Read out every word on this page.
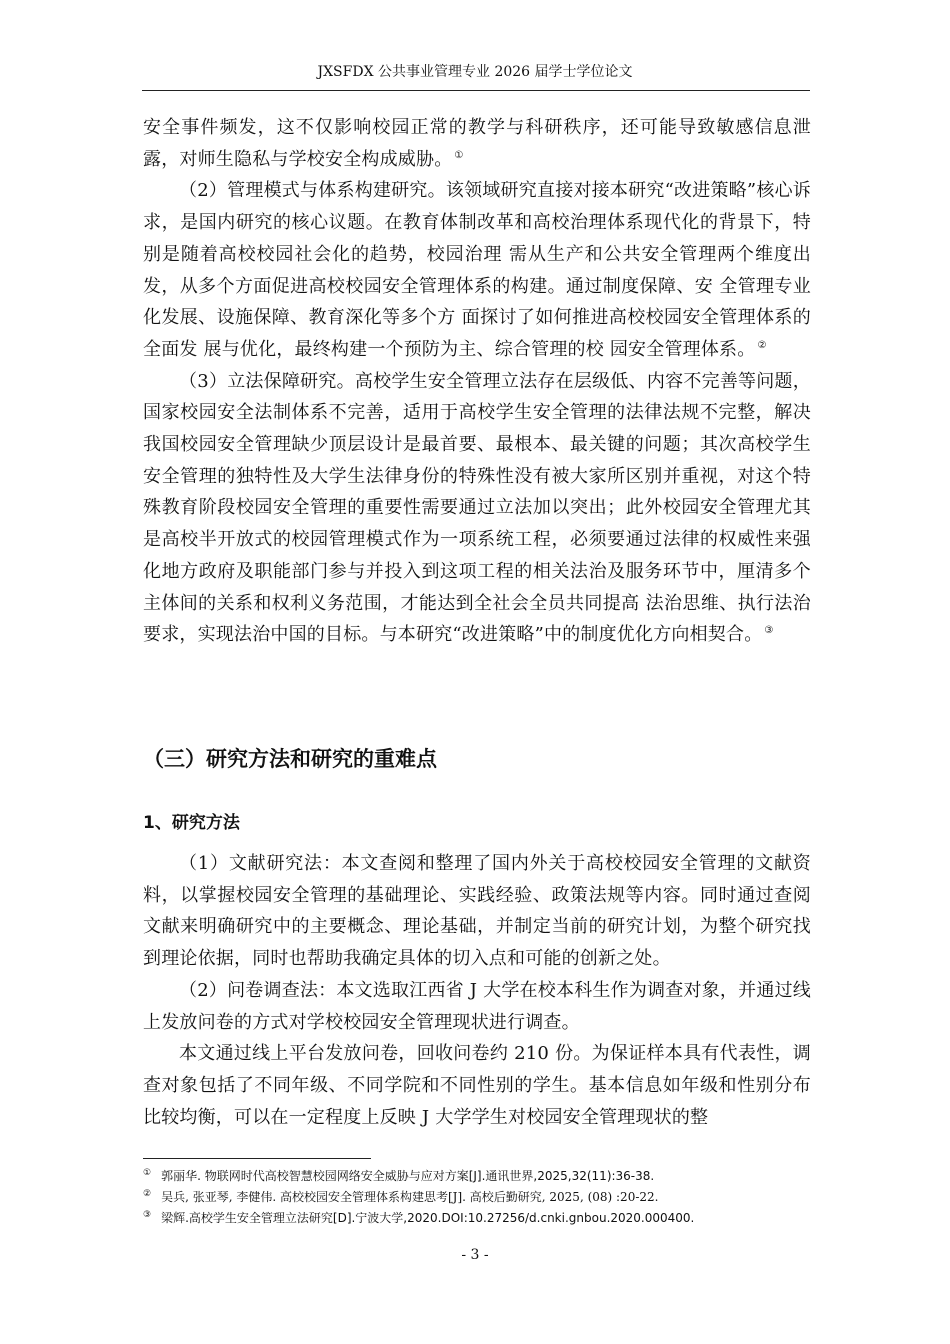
JXSFDX 公共事业管理专业 2026 届学士学位论文

安全事件频发，这不仅影响校园正常的教学与科研秩序，还可能导致敏感信息泄 露，对师生隐私与学校安全构成威胁。 ①

（2）管理模式与体系构建研究。该领域研究直接对接本研究“改进策略”核心诉求，是国内研究的核心议题。在教育体制改革和高校治理体系现代化的背景下，特别是随着高校校园社会化的趋势，校园治理 需从生产和公共安全管理两个维度出发，从多个方面促进高校校园安全管理体系的构建。通过制度保障、安 全管理专业化发展、设施保障、教育深化等多个方 面探讨了如何推进高校校园安全管理体系的全面发 展与优化，最终构建一个预防为主、综合管理的校 园安全管理体系。 ②

（3）立法保障研究。高校学生安全管理立法存在层级低、内容不完善等问题，国家校园安全法制体系不完善，适用于高校学生安全管理的法律法规不完整，解决我国校园安全管理缺少顶层设计是最首要、最根本、最关键的问题；其次高校学生安全管理的独特性及大学生法律身份的特殊性没有被大家所区别并重视，对这个特殊教育阶段校园安全管理的重要性需要通过立法加以突出；此外校园安全管理尤其是高校半开放式的校园管理模式作为一项系统工程，必须要通过法律的权威性来强化地方政府及职能部门参与并投入到这项工程的相关法治及服务环节中，厘清多个主体间的关系和权利义务范围，才能达到全社会全员共同提高 法治思维、执行法治要求，实现法治中国的目标。与本研究“改进策略”中的制度优化方向相契合。 ③

（三）研究方法和研究的重难点
1、研究方法

（1）文献研究法：本文查阅和整理了国内外关于高校校园安全管理的文献资料，以掌握校园安全管理的基础理论、实践经验、政策法规等内容。同时通过查阅文献来明确研究中的主要概念、理论基础，并制定当前的研究计划，为整个研究找到理论依据，同时也帮助我确定具体的切入点和可能的创新之处。

（2）问卷调查法：本文选取江西省 J 大学在校本科生作为调查对象，并通过线上发放问卷的方式对学校校园安全管理现状进行调查。

本文通过线上平台发放问卷，回收问卷约 210 份。为保证样本具有代表性，调查对象包括了不同年级、不同学院和不同性别的学生。基本信息如年级和性别分布比较均衡，可以在一定程度上反映 J 大学学生对校园安全管理现状的整

① 郭丽华. 物联网时代高校智慧校园网络安全威胁与应对方案[J].通讯世界,2025,32(11):36-38.

② 吴兵, 张亚琴, 李健伟. 高校校园安全管理体系构建思考[J]. 高校后勤研究, 2025, (08) :20-22.

③ 梁辉.高校学生安全管理立法研究[D].宁波大学,2020.DOI:10.27256/d.cnki.gnbou.2020.000400.

- 3 -
